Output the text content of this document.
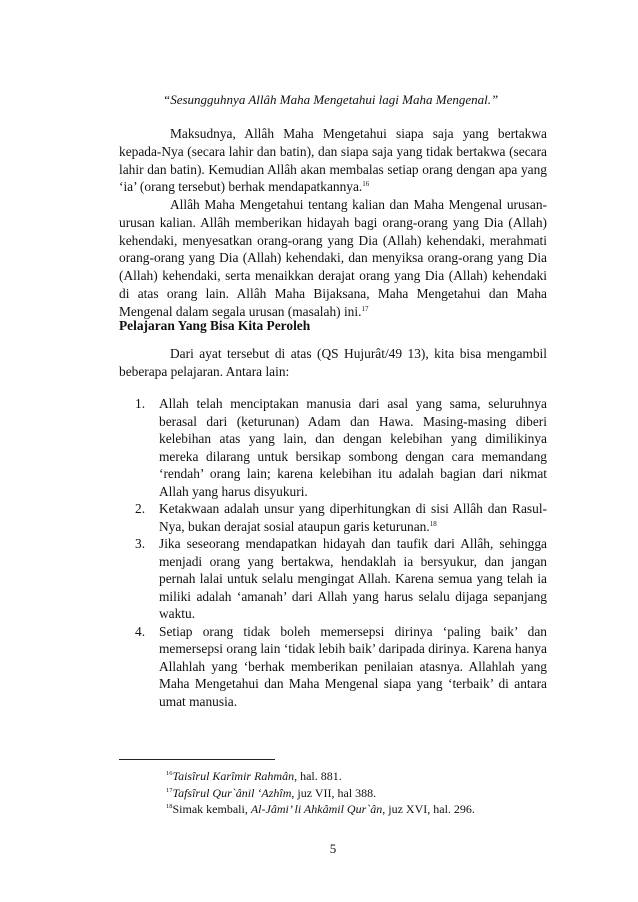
“Sesungguhnya Allâh Maha Mengetahui lagi Maha Mengenal.”

Maksudnya, Allâh Maha Mengetahui siapa saja yang bertakwa kepada-Nya (secara lahir dan batin), dan siapa saja yang tidak bertakwa (secara lahir dan batin). Kemudian Allâh akan membalas setiap orang dengan apa yang ‘ia’ (orang tersebut) berhak mendapatkannya.$^{16}$

Allâh Maha Mengetahui tentang kalian dan Maha Mengenal urusan-urusan kalian. Allâh memberikan hidayah bagi orang-orang yang Dia (Allah) kehendaki, menyesatkan orang-orang yang Dia (Allah) kehendaki, merahmati orang-orang yang Dia (Allah) kehendaki, dan menyiksa orang-orang yang Dia (Allah) kehendaki, serta menaikkan derajat orang yang Dia (Allah) kehendaki di atas orang lain. Allâh Maha Bijaksana, Maha Mengetahui dan Maha Mengenal dalam segala urusan (masalah) ini.$^{17}$

Pelajaran Yang Bisa Kita Peroleh

Dari ayat tersebut di atas (QS Hujurât/49 13), kita bisa mengambil beberapa pelajaran. Antara lain:

1. Allah telah menciptakan manusia dari asal yang sama, seluruhnya berasal dari (keturunan) Adam dan Hawa. Masing-masing diberi kelebihan atas yang lain, dan dengan kelebihan yang dimilikinya mereka dilarang untuk bersikap sombong dengan cara memandang ‘rendah’ orang lain; karena kelebihan itu adalah bagian dari nikmat Allah yang harus disyukuri.
2. Ketakwaan adalah unsur yang diperhitungkan di sisi Allâh dan Rasul-Nya, bukan derajat sosial ataupun garis keturunan.$^{18}$
3. Jika seseorang mendapatkan hidayah dan taufik dari Allâh, sehingga menjadi orang yang bertakwa, hendaklah ia bersyukur, dan jangan pernah lalai untuk selalu mengingat Allah. Karena semua yang telah ia miliki adalah ‘amanah’ dari Allah yang harus selalu dijaga sepanjang waktu.
4. Setiap orang tidak boleh memersepsi dirinya ‘paling baik’ dan memersepsi orang lain ‘tidak lebih baik’ daripada dirinya. Karena hanya Allahlah yang ‘berhak memberikan penilaian atasnya. Allahlah yang Maha Mengetahui dan Maha Mengenal siapa yang ‘terbaik’ di antara umat manusia.
$^{16}$Taisîrul Karîmir Rahmân, hal. 881.
$^{17}$Tafsîrul Qur`ânil ‘Azhîm, juz VII, hal 388.
$^{18}$Simak kembali, Al-Jâmi’ li Ahkâmil Qur`ân, juz XVI, hal. 296.
5
